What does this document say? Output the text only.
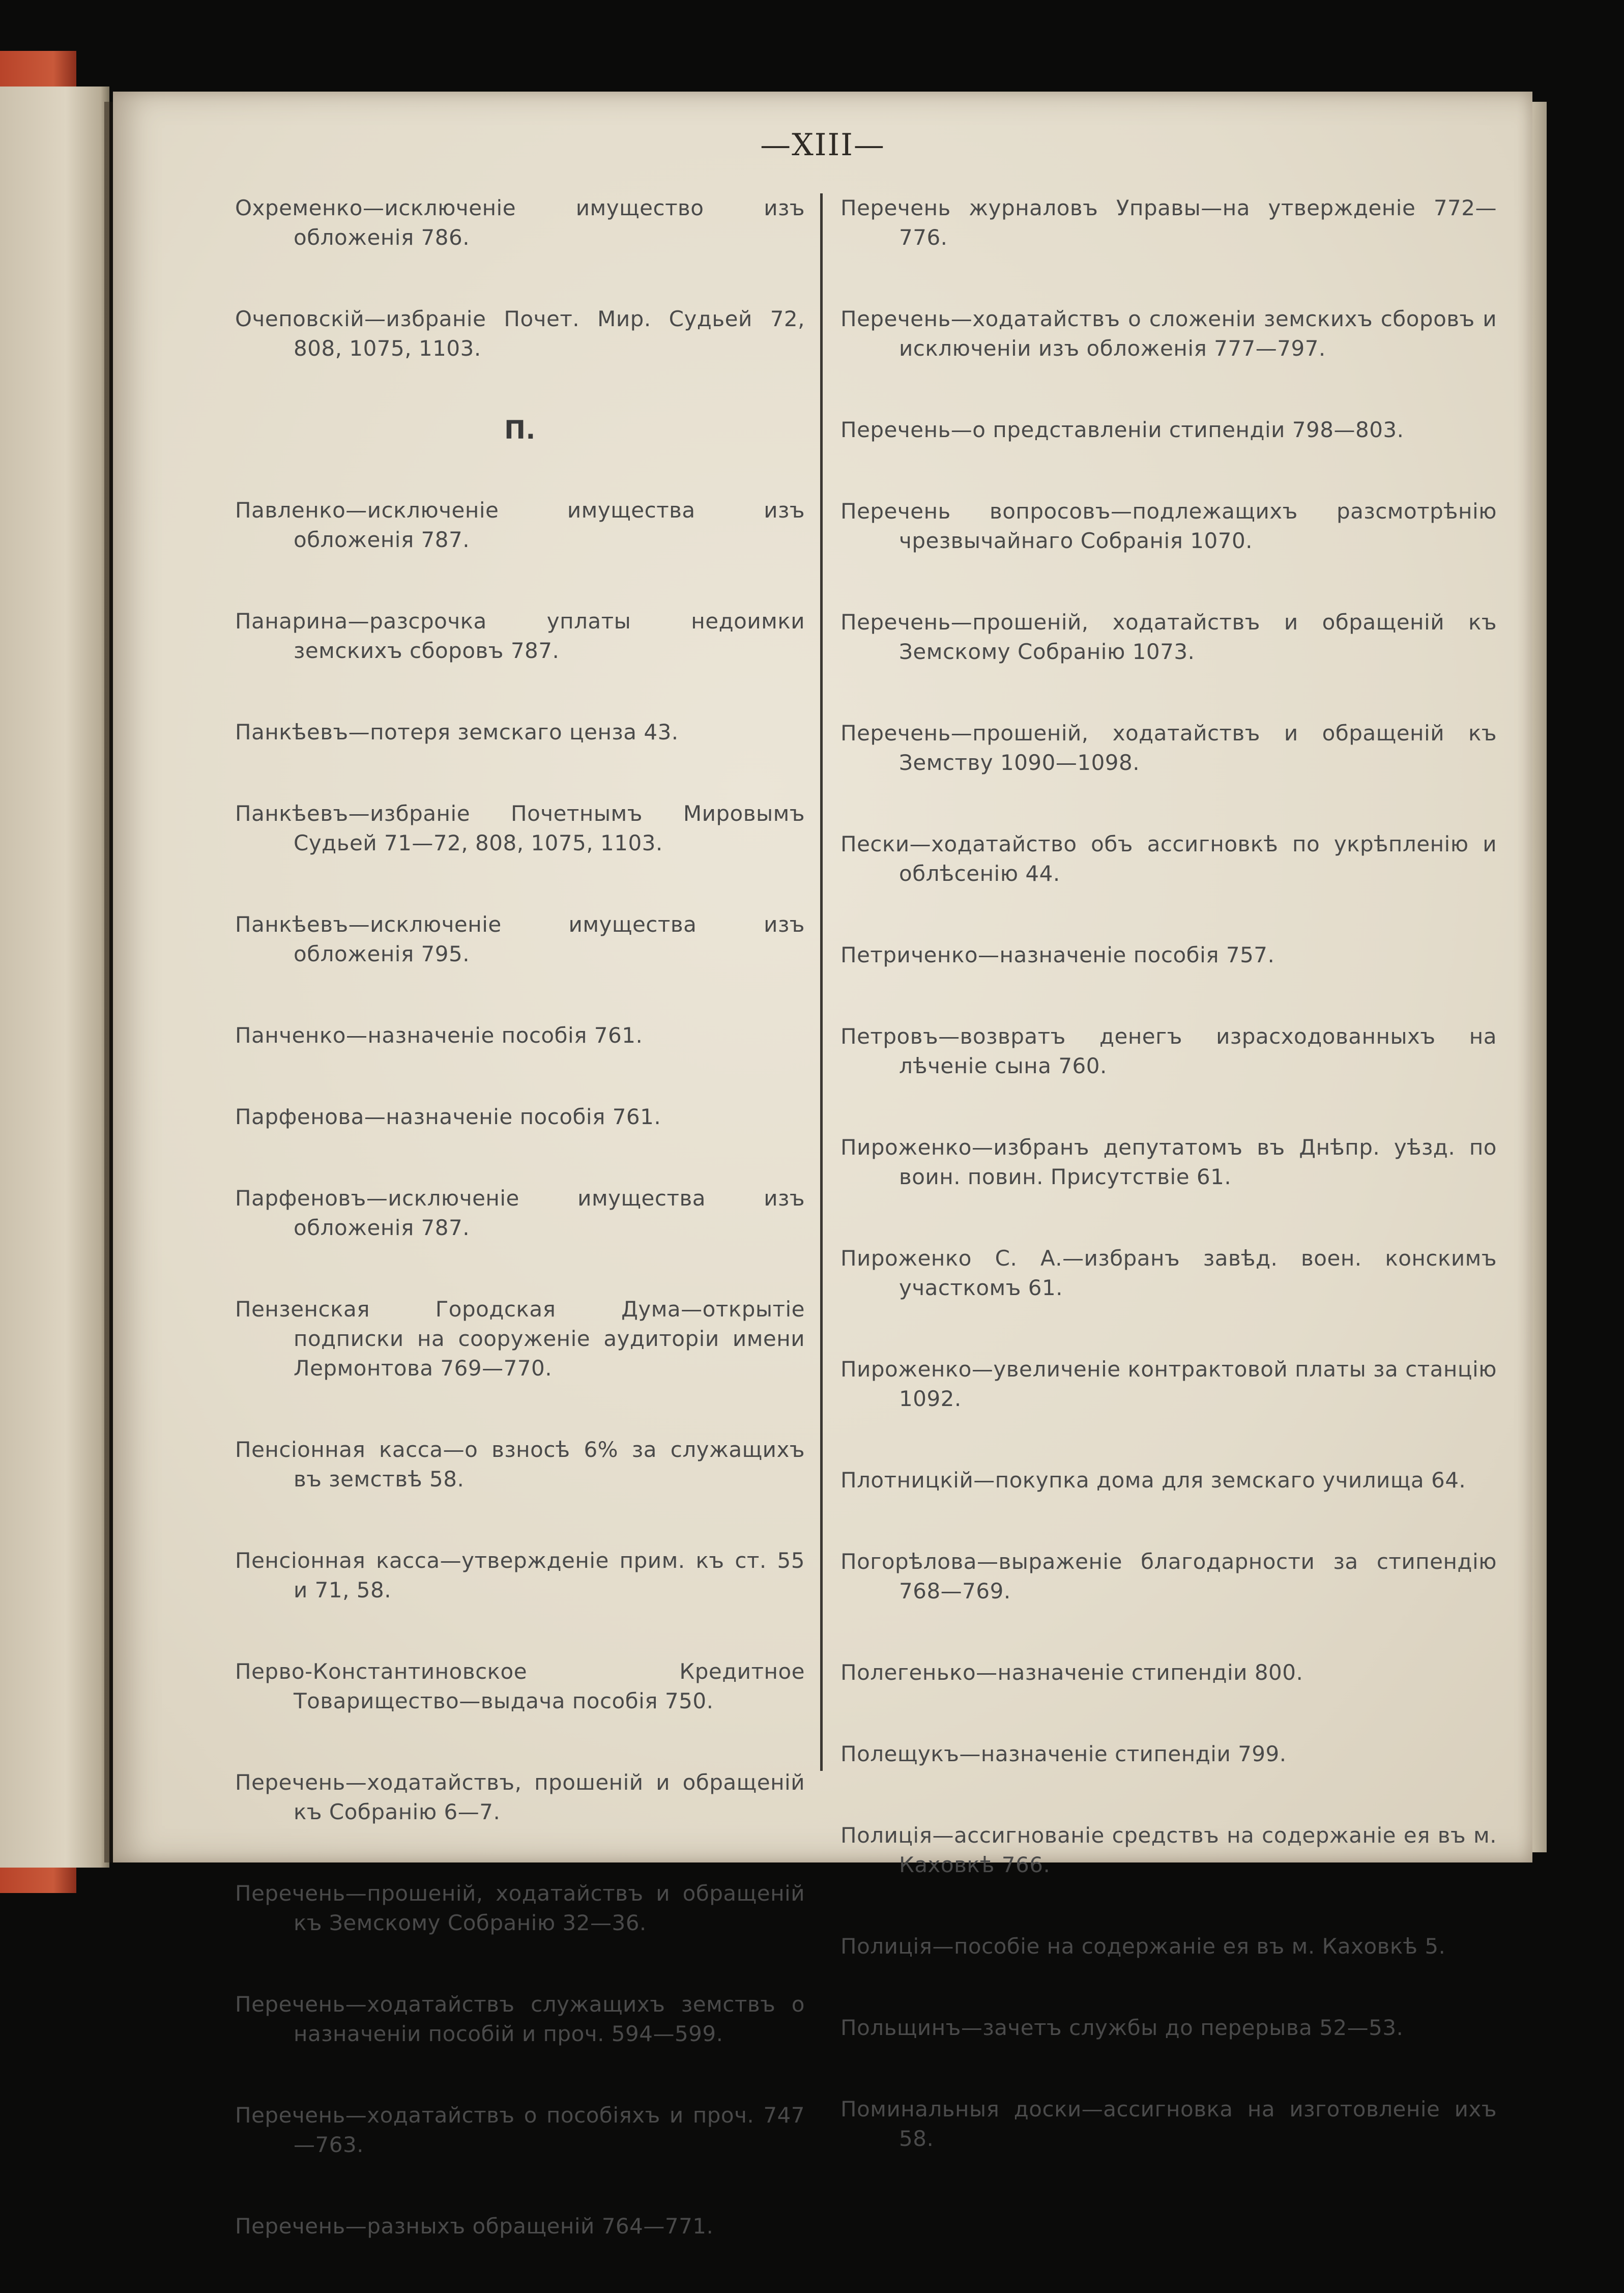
—XIII—

Охременко—исключеніе имущество изъ обложенія 786.

Очеповскій—избраніе Почет. Мир. Судьей 72, 808, 1075, 1103.

П.

Павленко—исключеніе имущества изъ обложенія 787.

Панарина—разсрочка уплаты недоимки земскихъ сборовъ 787.

Панкѣевъ—потеря земскаго ценза 43.

Панкѣевъ—избраніе Почетнымъ Мировымъ Судьей 71—72, 808, 1075, 1103.

Панкѣевъ—исключеніе имущества изъ обложенія 795.

Панченко—назначеніе пособія 761.

Парфенова—назначеніе пособія 761.

Парфеновъ—исключеніе имущества изъ обложенія 787.

Пензенская Городская Дума—открытіе подписки на сооруженіе аудиторіи имени Лермонтова 769—770.

Пенсіонная касса—о взносѣ 6% за служащихъ въ земствѣ 58.

Пенсіонная касса—утвержденіе прим. къ ст. 55 и 71, 58.

Перво-Константиновское Кредитное Товарищество—выдача пособія 750.

Перечень—ходатайствъ, прошеній и обращеній къ Собранію 6—7.

Перечень—прошеній, ходатайствъ и обращеній къ Земскому Собранію 32—36.

Перечень—ходатайствъ служащихъ земствъ о назначеніи пособій и проч. 594—599.

Перечень—ходатайствъ о пособіяхъ и проч. 747—763.

Перечень—разныхъ обращеній 764—771.

Перечень журналовъ Управы—на утвержденіе 772—776.

Перечень—ходатайствъ о сложеніи земскихъ сборовъ и исключеніи изъ обложенія 777—797.

Перечень—о представленіи стипендіи 798—803.

Перечень вопросовъ—подлежащихъ разсмотрѣнію чрезвычайнаго Собранія 1070.

Перечень—прошеній, ходатайствъ и обращеній къ Земскому Собранію 1073.

Перечень—прошеній, ходатайствъ и обращеній къ Земству 1090—1098.

Пески—ходатайство объ ассигновкѣ по укрѣпленію и облѣсенію 44.

Петриченко—назначеніе пособія 757.

Петровъ—возвратъ денегъ израсходованныхъ на лѣченіе сына 760.

Пироженко—избранъ депутатомъ въ Днѣпр. уѣзд. по воин. повин. Присутствіе 61.

Пироженко С. А.—избранъ завѣд. воен. конскимъ участкомъ 61.

Пироженко—увеличеніе контрактовой платы за станцію 1092.

Плотницкій—покупка дома для земскаго училища 64.

Погорѣлова—выраженіе благодарности за стипендію 768—769.

Полегенько—назначеніе стипендіи 800.

Полещукъ—назначеніе стипендіи 799.

Полиція—ассигнованіе средствъ на содержаніе ея въ м. Каховкѣ 766.

Полиція—пособіе на содержаніе ея въ м. Каховкѣ 5.

Польщинъ—зачетъ службы до перерыва 52—53.

Поминальныя доски—ассигновка на изготовленіе ихъ 58.
